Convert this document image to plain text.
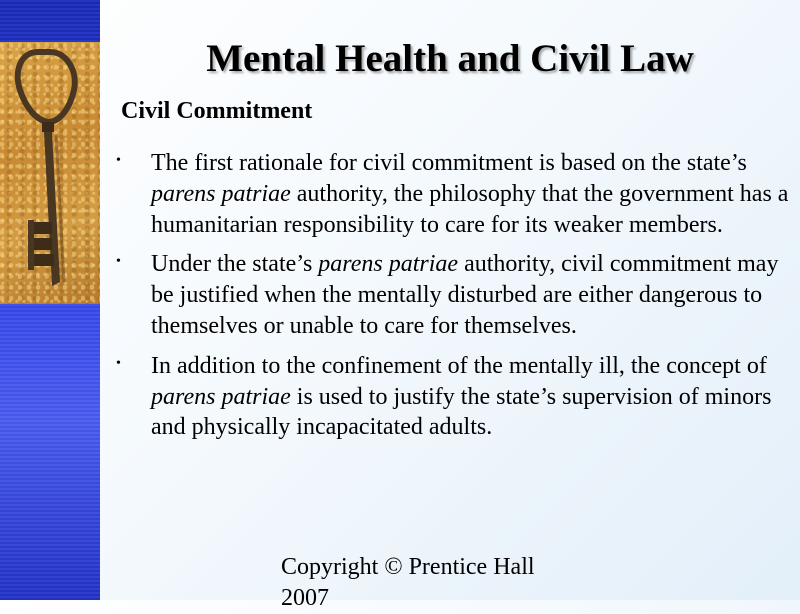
Mental Health and Civil Law
Civil Commitment
• The first rationale for civil commitment is based on the state’s parens patriae authority, the philosophy that the government has a humanitarian responsibility to care for its weaker members.
• Under the state’s parens patriae authority, civil commitment may be justified when the mentally disturbed are either dangerous to themselves or unable to care for themselves.
• In addition to the confinement of the mentally ill, the concept of parens patriae is used to justify the state’s supervision of minors and physically incapacitated adults.
Copyright © Prentice Hall 2007
